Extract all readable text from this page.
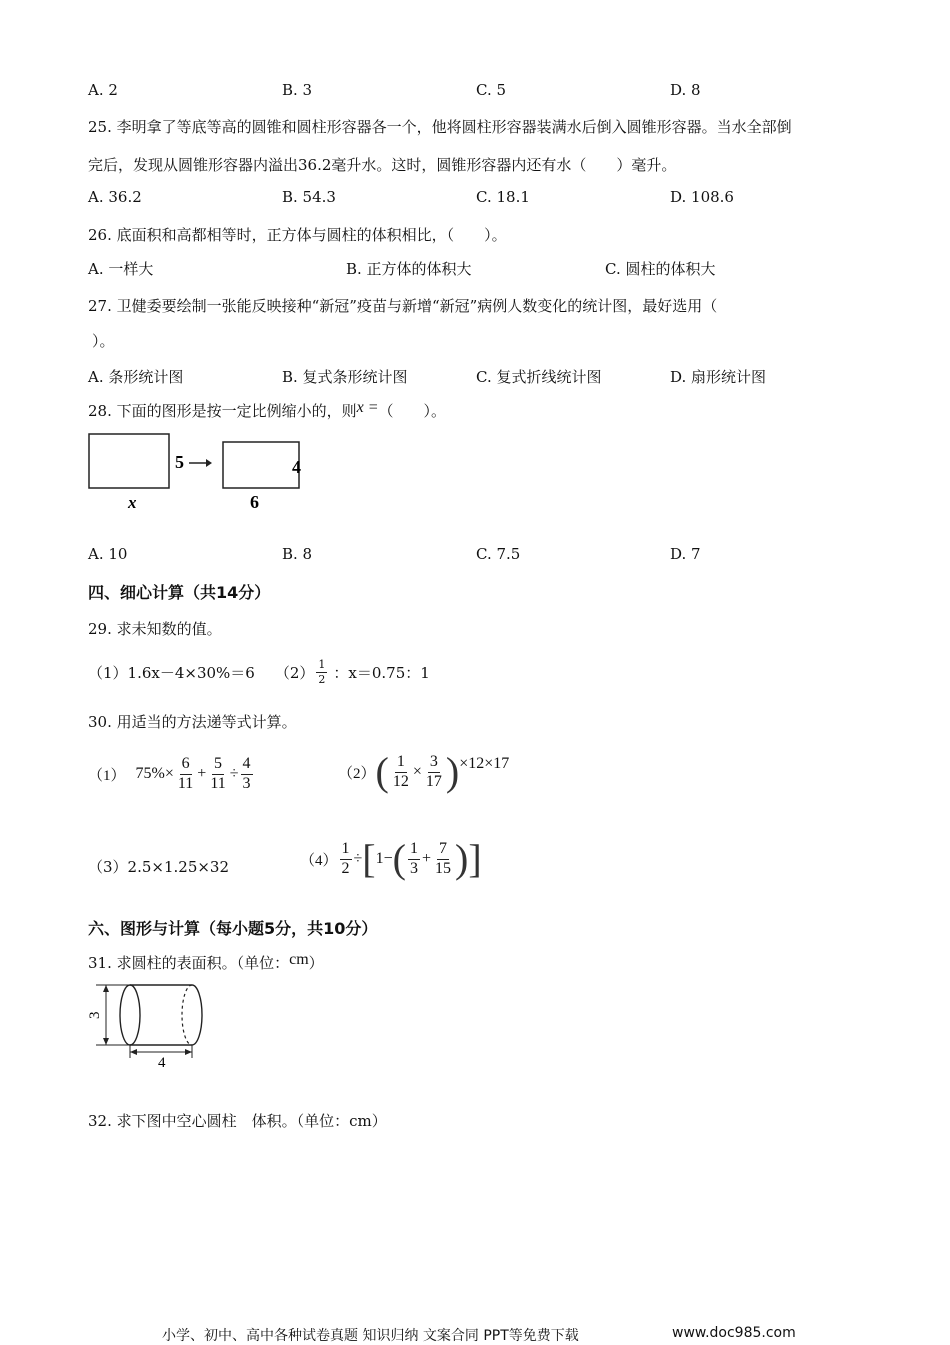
A. 2	B. 3	C. 5	D. 8
25. 李明拿了等底等高的圆锥和圆柱形容器各一个，他将圆柱形容器装满水后倒入圆锥形容器。当水全部倒
完后，发现从圆锥形容器内溢出36.2毫升水。这时，圆锥形容器内还有水（　　）毫升。
A. 36.2	B. 54.3	C. 18.1	D. 108.6
26. 底面积和高都相等时，正方体与圆柱的体积相比，（　　）。
A. 一样大	B. 正方体的体积大	C. 圆柱的体积大
27. 卫健委要绘制一张能反映接种“新冠”疫苗与新增“新冠”病例人数变化的统计图，最好选用（
）。
A. 条形统计图	B. 复式条形统计图	C. 复式折线统计图	D. 扇形统计图
28. 下面的图形是按一定比例缩小的，则x =（　　）。
5	4
x	6
A. 10	B. 8	C. 7.5	D. 7
四、细心计算（共14分）
29. 求未知数的值。
（1）1.6x－4×30%＝6 $(2) \frac{1}{2}$ ：x＝0.75：1
30. 用适当的方法递等式计算。
（1） $75\%\times \frac{6}{11} + \frac{5}{11} \div \frac{4}{3}$	（2） ( $\frac{1}{12} \times \frac{3}{17}$ ) ×12×17
（3）2.5×1.25×32	$(4) \frac{1}{2}$ ÷ [ 1− ( $\frac{1}{3} + \frac{7}{15}$ ) ]
六、图形与计算（每小题5分，共10分）
31. 求圆柱的表面积。（单位：cm）
3
4
32. 求下图中空心圆柱　体积。（单位：cm）
小学、初中、高中各种试卷真题 知识归纳 文案合同 PPT等免费下载	www.doc985.com
